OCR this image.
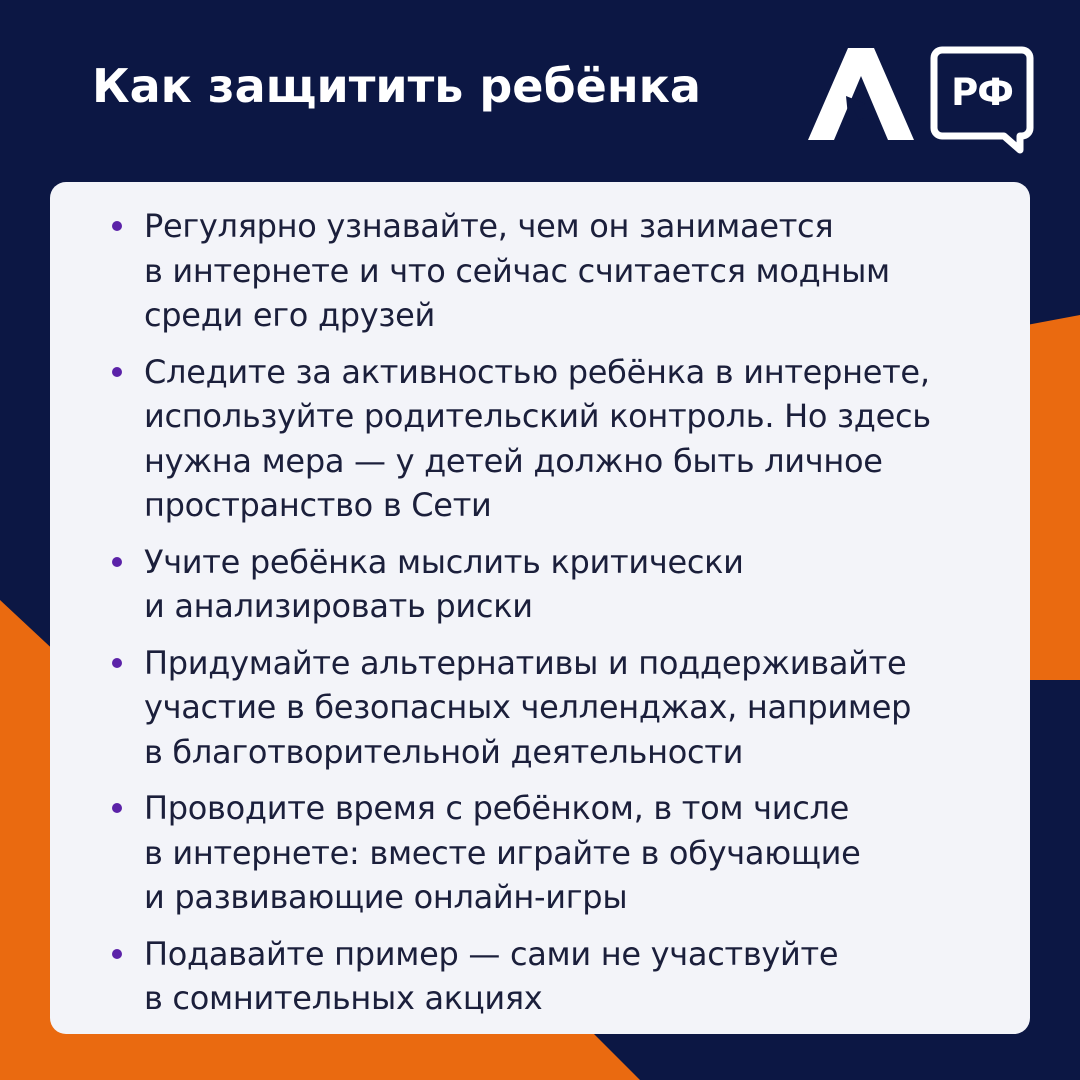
Как защитить ребёнка	РФ
Регулярно узнавайте, чем он занимается
в интернете и что сейчас считается модным
среди его друзей
Следите за активностью ребёнка в интернете,
используйте родительский контроль. Но здесь
нужна мера — у детей должно быть личное
пространство в Сети
Учите ребёнка мыслить критически
и анализировать риски
Придумайте альтернативы и поддерживайте
участие в безопасных челленджах, например
в благотворительной деятельности
Проводите время с ребёнком, в том числе
в интернете: вместе играйте в обучающие
и развивающие онлайн-игры
Подавайте пример — сами не участвуйте
в сомнительных акциях
